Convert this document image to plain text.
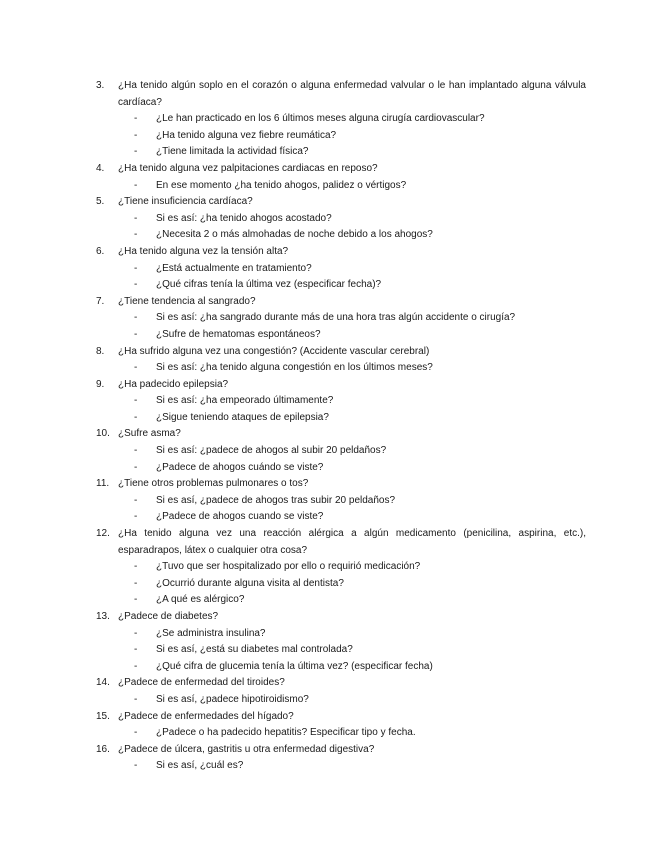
3.	¿Ha tenido algún soplo en el corazón o alguna enfermedad valvular o le han implantado alguna válvula cardíaca?
- ¿Le han practicado en los 6 últimos meses alguna cirugía cardiovascular?
- ¿Ha tenido alguna vez fiebre reumática?
- ¿Tiene limitada la actividad física?
4.	¿Ha tenido alguna vez palpitaciones cardiacas en reposo?
- En ese momento ¿ha tenido ahogos, palidez o vértigos?
5.	¿Tiene insuficiencia cardíaca?
- Si es así: ¿ha tenido ahogos acostado?
- ¿Necesita 2 o más almohadas de noche debido a los ahogos?
6.	¿Ha tenido alguna vez la tensión alta?
- ¿Está actualmente en tratamiento?
- ¿Qué cifras tenía la última vez (especificar fecha)?
7.	¿Tiene tendencia al sangrado?
- Si es así: ¿ha sangrado durante más de una hora tras algún accidente o cirugía?
- ¿Sufre de hematomas espontáneos?
8.	¿Ha sufrido alguna vez una congestión? (Accidente vascular cerebral)
- Si es así: ¿ha tenido alguna congestión en los últimos meses?
9.	¿Ha padecido epilepsia?
- Si es así: ¿ha empeorado últimamente?
- ¿Sigue teniendo ataques de epilepsia?
10. ¿Sufre asma?
- Si es así: ¿padece de ahogos al subir 20 peldaños?
- ¿Padece de ahogos cuándo se viste?
11. ¿Tiene otros problemas pulmonares o tos?
- Si es así, ¿padece de ahogos tras subir 20 peldaños?
- ¿Padece de ahogos cuando se viste?
12. ¿Ha tenido alguna vez una reacción alérgica a algún medicamento (penicilina, aspirina, etc.), esparadrapos, látex o cualquier otra cosa?
- ¿Tuvo que ser hospitalizado por ello o requirió medicación?
- ¿Ocurrió durante alguna visita al dentista?
- ¿A qué es alérgico?
13. ¿Padece de diabetes?
- ¿Se administra insulina?
- Si es así, ¿está su diabetes mal controlada?
- ¿Qué cifra de glucemia tenía la última vez? (especificar fecha)
14. ¿Padece de enfermedad del tiroides?
- Si es así, ¿padece hipotiroidismo?
15. ¿Padece de enfermedades del hígado?
- ¿Padece o ha padecido hepatitis? Especificar tipo y fecha.
16. ¿Padece de úlcera, gastritis u otra enfermedad digestiva?
- Si es así, ¿cuál es?
